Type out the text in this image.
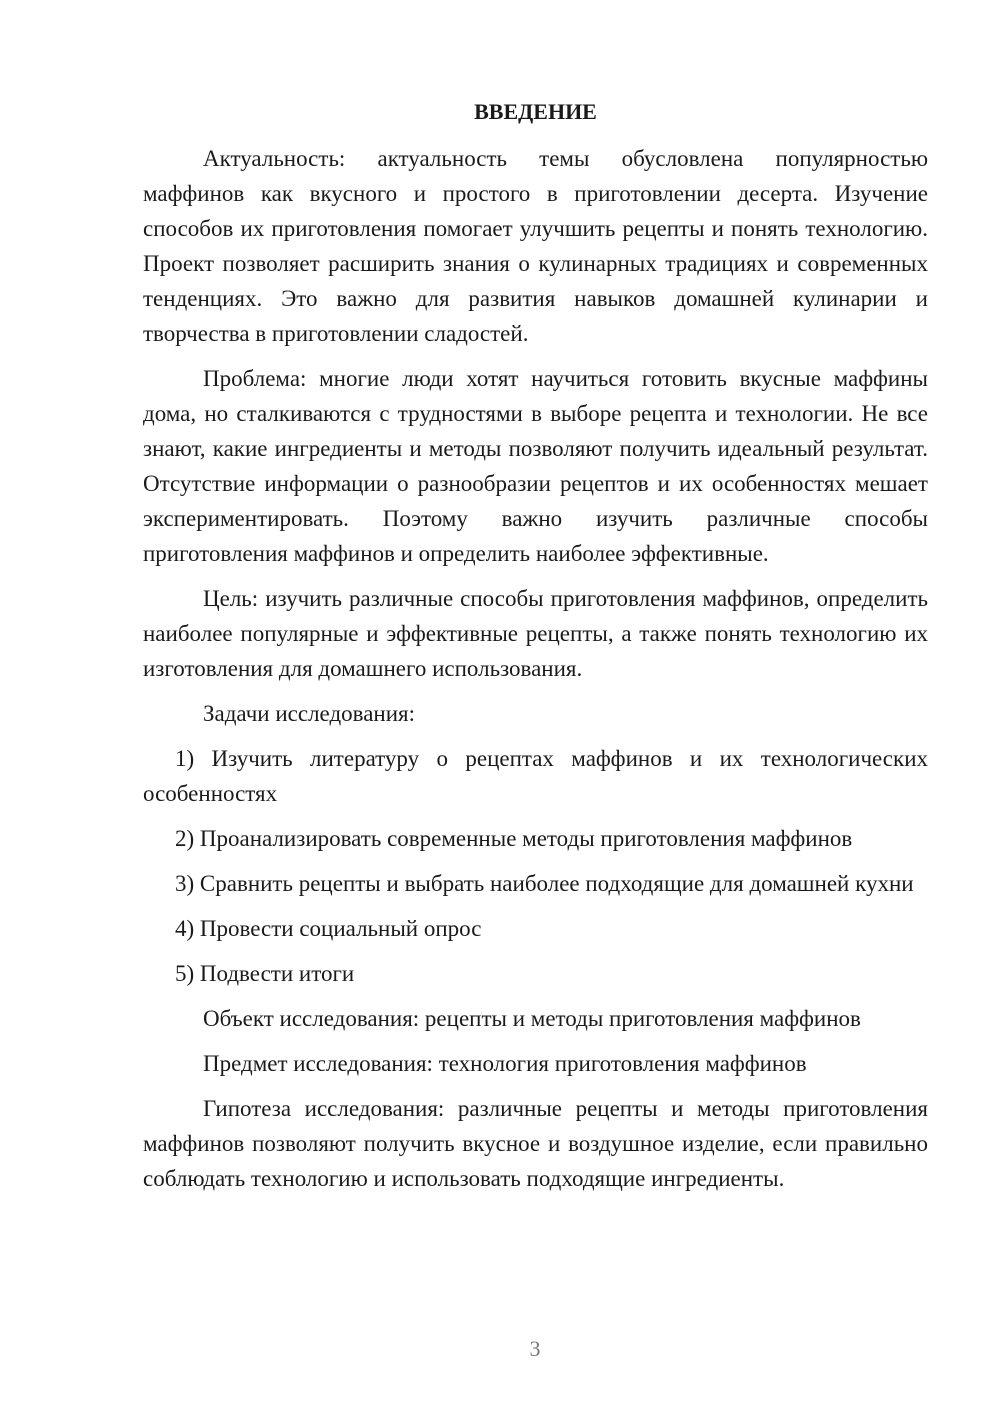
ВВЕДЕНИЕ

Актуальность: актуальность темы обусловлена популярностью маффинов как вкусного и простого в приготовлении десерта. Изучение способов их приготовления помогает улучшить рецепты и понять технологию. Проект позволяет расширить знания о кулинарных традициях и современных тенденциях. Это важно для развития навыков домашней кулинарии и творчества в приготовлении сладостей.

Проблема: многие люди хотят научиться готовить вкусные маффины дома, но сталкиваются с трудностями в выборе рецепта и технологии. Не все знают, какие ингредиенты и методы позволяют получить идеальный результат. Отсутствие информации о разнообразии рецептов и их особенностях мешает экспериментировать. Поэтому важно изучить различные способы приготовления маффинов и определить наиболее эффективные.

Цель: изучить различные способы приготовления маффинов, определить наиболее популярные и эффективные рецепты, а также понять технологию их изготовления для домашнего использования.

Задачи исследования:

1) Изучить литературу о рецептах маффинов и их технологических особенностях

2) Проанализировать современные методы приготовления маффинов

3) Сравнить рецепты и выбрать наиболее подходящие для домашней кухни

4) Провести социальный опрос

5) Подвести итоги

Объект исследования: рецепты и методы приготовления маффинов

Предмет исследования: технология приготовления маффинов

Гипотеза исследования: различные рецепты и методы приготовления маффинов позволяют получить вкусное и воздушное изделие, если правильно соблюдать технологию и использовать подходящие ингредиенты.

3
